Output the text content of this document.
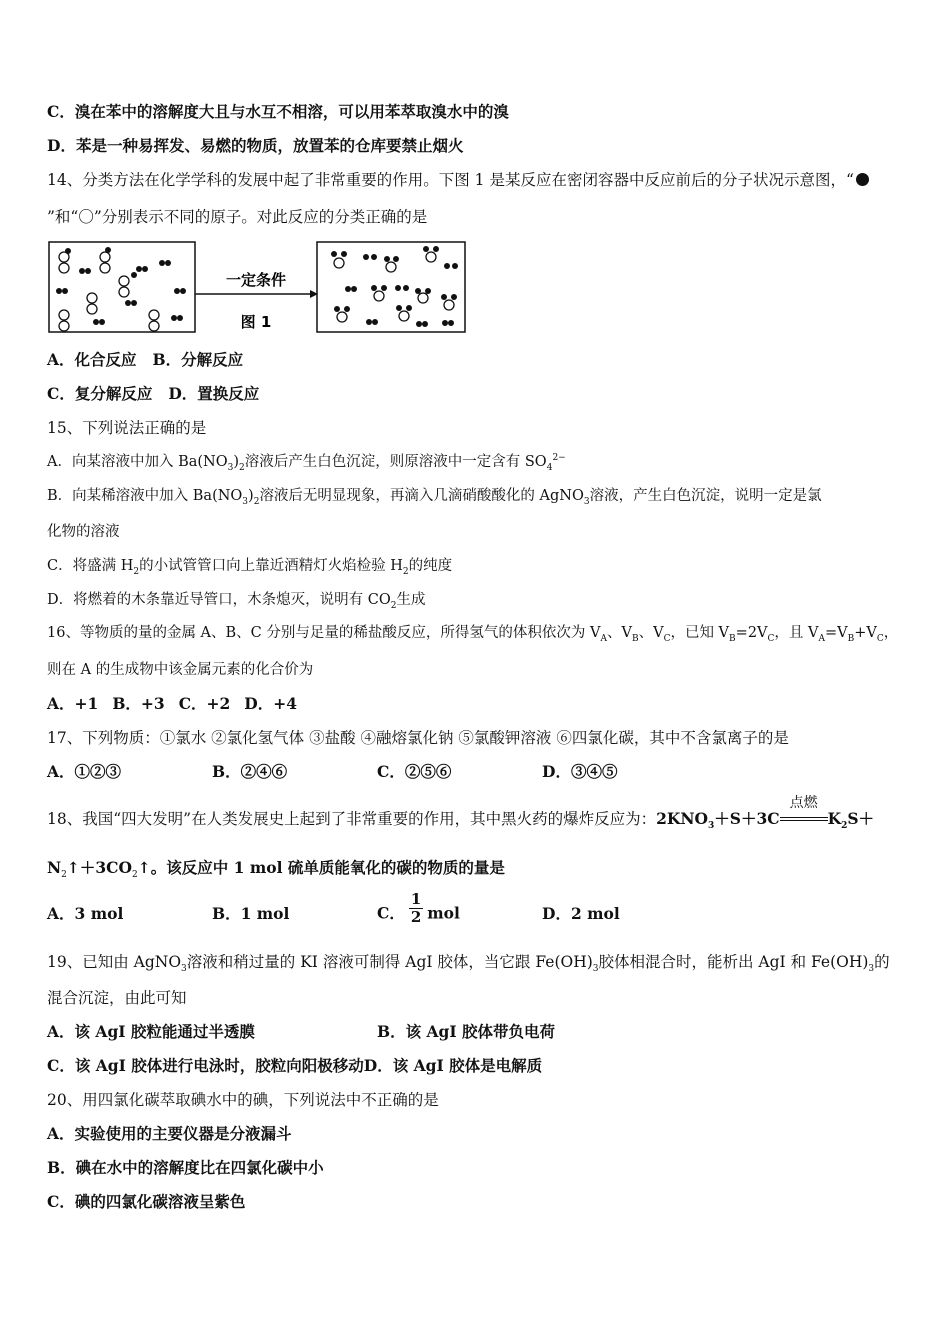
C．溴在苯中的溶解度大且与水互不相溶，可以用苯萃取溴水中的溴
D．苯是一种易挥发、易燃的物质，放置苯的仓库要禁止烟火
14、分类方法在化学学科的发展中起了非常重要的作用。下图 1 是某反应在密闭容器中反应前后的分子状况示意图，“
”和“〇”分别表示不同的原子。对此反应的分类正确的是
一定条件
图 1
A．化合反应 B．分解反应
C．复分解反应 D．置换反应
15、下列说法正确的是
A．向某溶液中加入 $Ba(NO_3)_2$溶液后产生白色沉淀，则原溶液中一定含有 $SO_4^{2-}$
B．向某稀溶液中加入 $Ba(NO_3)_2$溶液后无明显现象，再滴入几滴硝酸酸化的 AgNO$_3$溶液，产生白色沉淀，说明一定是氯
化物的溶液
C．将盛满 $H_2$的小试管管口向上靠近酒精灯火焰检验 $H_2$的纯度
D．将燃着的木条靠近导管口，木条熄灭，说明有 $CO_2$生成
16、等物质的量的金属 A、B、C 分别与足量的稀盐酸反应，所得氢气的体积依次为 $V_A$、$V_B$、$V_C$，已知 $V_B=2V_C$，且 $V_A=V_B+V_C$，
则在 A 的生成物中该金属元素的化合价为
A．+1 B．+3 C．+2 D．+4
17、下列物质：①氯水 ②氯化氢气体 ③盐酸 ④融熔氯化钠 ⑤氯酸钾溶液 ⑥四氯化碳，其中不含氯离子的是
A．①②③	B．②④⑥	C．②⑤⑥	D．③④⑤
18、我国“四大发明”在人类发展史上起到了非常重要的作用，其中黑火药的爆炸反应为：$2KNO_3+S+3C$
点燃
$K_2S+$
$N_2↑+3CO_2↑$。该反应中 1 mol 硫单质能氧化的碳的物质的量是
A．3 mol	B．1 mol	C． $\frac{1}{2}$ mol	D．2 mol
19、已知由 AgNO$_3$溶液和稍过量的 KI 溶液可制得 AgI 胶体，当它跟 $Fe(OH)_3$胶体相混合时，能析出 AgI 和 $Fe(OH)_3$的
混合沉淀，由此可知
A．该 AgI 胶粒能通过半透膜	B．该 AgI 胶体带负电荷
C．该 AgI 胶体进行电泳时，胶粒向阳极移动D．该 AgI 胶体是电解质
20、用四氯化碳萃取碘水中的碘，下列说法中不正确的是
A．实验使用的主要仪器是分液漏斗
B．碘在水中的溶解度比在四氯化碳中小
C．碘的四氯化碳溶液呈紫色
